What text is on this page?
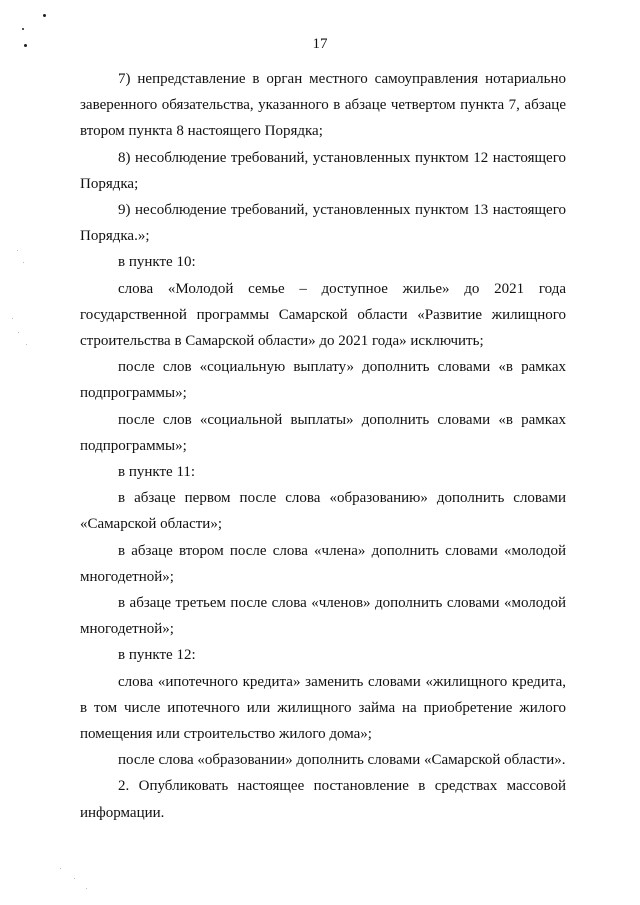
17

7) непредставление в орган местного самоуправления нотариально заверенного обязательства, указанного в абзаце четвертом пункта 7, абзаце втором пункта 8 настоящего Порядка;

8) несоблюдение требований, установленных пунктом 12 настоящего Порядка;

9) несоблюдение требований, установленных пунктом 13 настоящего Порядка.»;

в пункте 10:

слова «Молодой семье – доступное жилье» до 2021 года государственной программы Самарской области «Развитие жилищного строительства в Самарской области» до 2021 года» исключить;

после слов «социальную выплату» дополнить словами «в рамках подпрограммы»;

после слов «социальной выплаты» дополнить словами «в рамках подпрограммы»;

в пункте 11:

в абзаце первом после слова «образованию» дополнить словами «Самарской области»;

в абзаце втором после слова «члена» дополнить словами «молодой многодетной»;

в абзаце третьем после слова «членов» дополнить словами «молодой многодетной»;

в пункте 12:

слова «ипотечного кредита» заменить словами «жилищного кредита, в том числе ипотечного или жилищного займа на приобретение жилого помещения или строительство жилого дома»;

после слова «образовании» дополнить словами «Самарской области».

2. Опубликовать настоящее постановление в средствах массовой информации.
